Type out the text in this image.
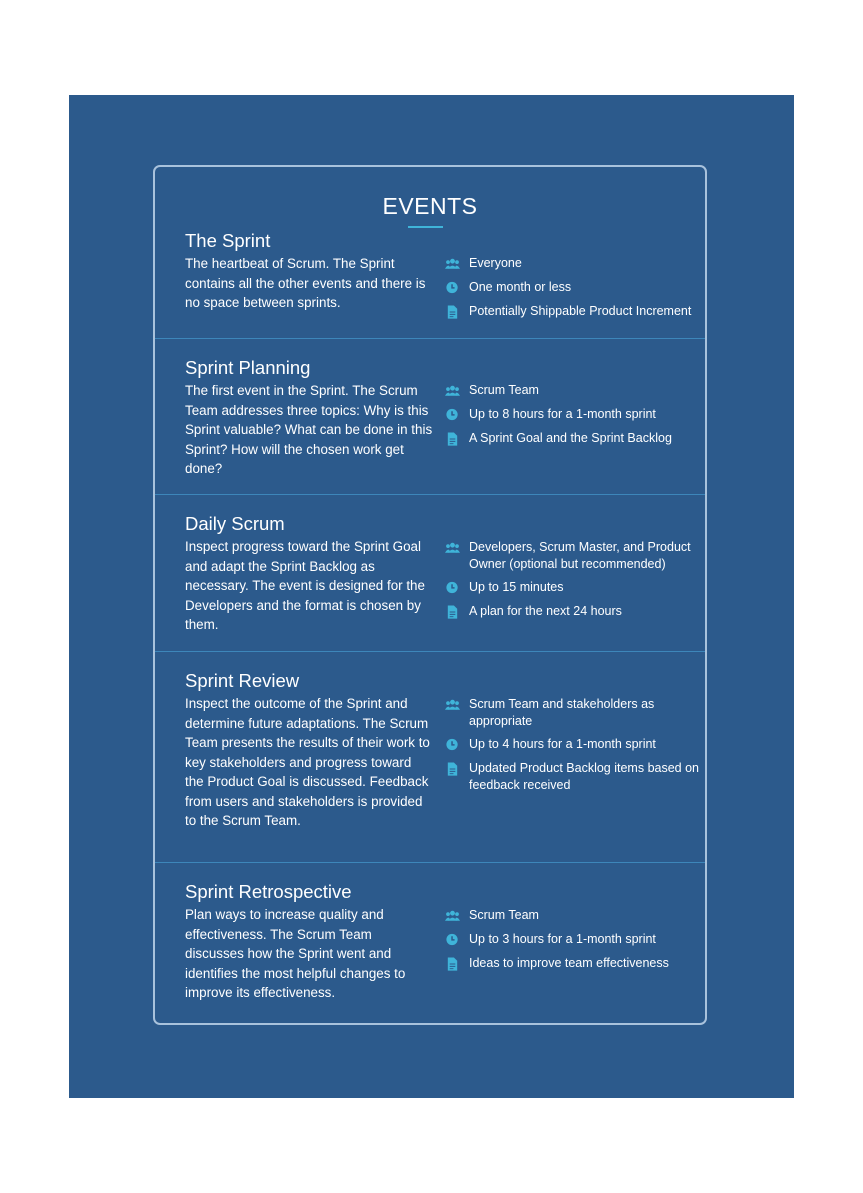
EVENTS
The Sprint
The heartbeat of Scrum. The Sprint contains all the other events and there is no space between sprints.
Everyone
One month or less
Potentially Shippable Product Increment
Sprint Planning
The first event in the Sprint. The Scrum Team addresses three topics: Why is this Sprint valuable? What can be done in this Sprint? How will the chosen work get done?
Scrum Team
Up to 8 hours for a 1-month sprint
A Sprint Goal and the Sprint Backlog
Daily Scrum
Inspect progress toward the Sprint Goal and adapt the Sprint Backlog as necessary. The event is designed for the Developers and the format is chosen by them.
Developers, Scrum Master, and Product Owner (optional but recommended)
Up to 15 minutes
A plan for the next 24 hours
Sprint Review
Inspect the outcome of the Sprint and determine future adaptations. The Scrum Team presents the results of their work to key stakeholders and progress toward the Product Goal is discussed. Feedback from users and stakeholders is provided to the Scrum Team.
Scrum Team and stakeholders as appropriate
Up to 4 hours for a 1-month sprint
Updated Product Backlog items based on feedback received
Sprint Retrospective
Plan ways to increase quality and effectiveness. The Scrum Team discusses how the Sprint went and identifies the most helpful changes to improve its effectiveness.
Scrum Team
Up to 3 hours for a 1-month sprint
Ideas to improve team effectiveness
